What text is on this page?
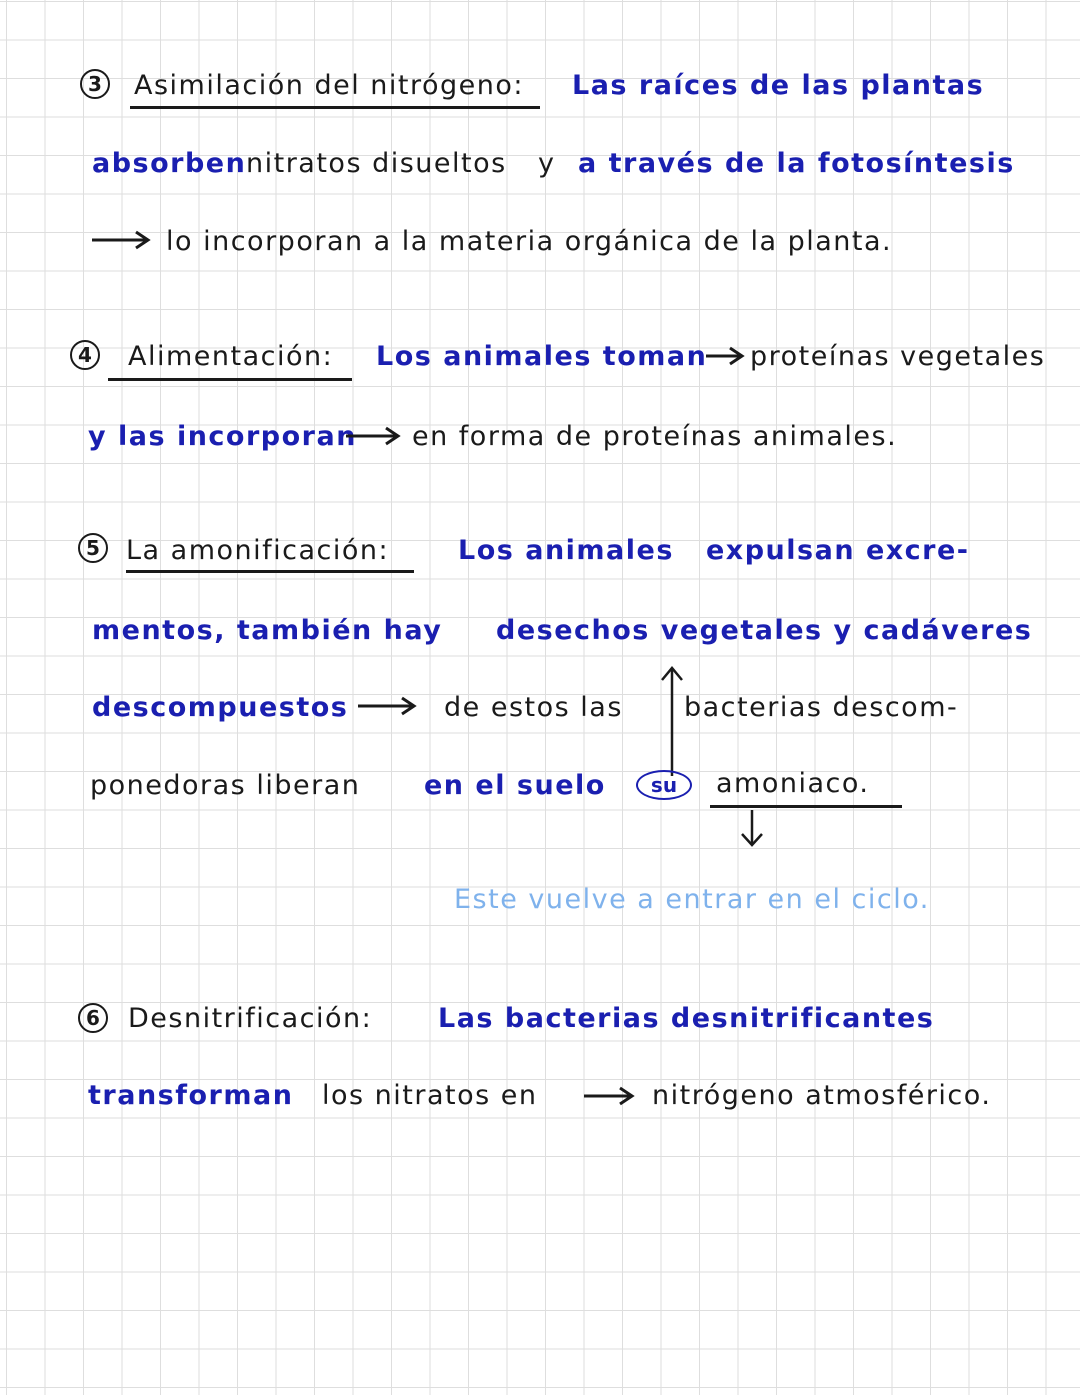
3 Asimilación del nitrógeno: Las raíces de las plantas
absorben nitratos disueltos y a través de la fotosíntesis
lo incorporan a la materia orgánica de la planta.
4 Alimentación: Los animales toman proteínas vegetales
y las incorporan en forma de proteínas animales.
5 La amonificación:	Los animales expulsan excre-
mentos, también hay desechos vegetales y cadáveres
descompuestos	de estos las bacterias descom-
ponedoras liberan en el suelo	su	amoniaco.
Este vuelve a entrar en el ciclo.
6 Desnitrificación: Las bacterias desnitrificantes
transforman los nitratos en	nitrógeno atmosférico.
